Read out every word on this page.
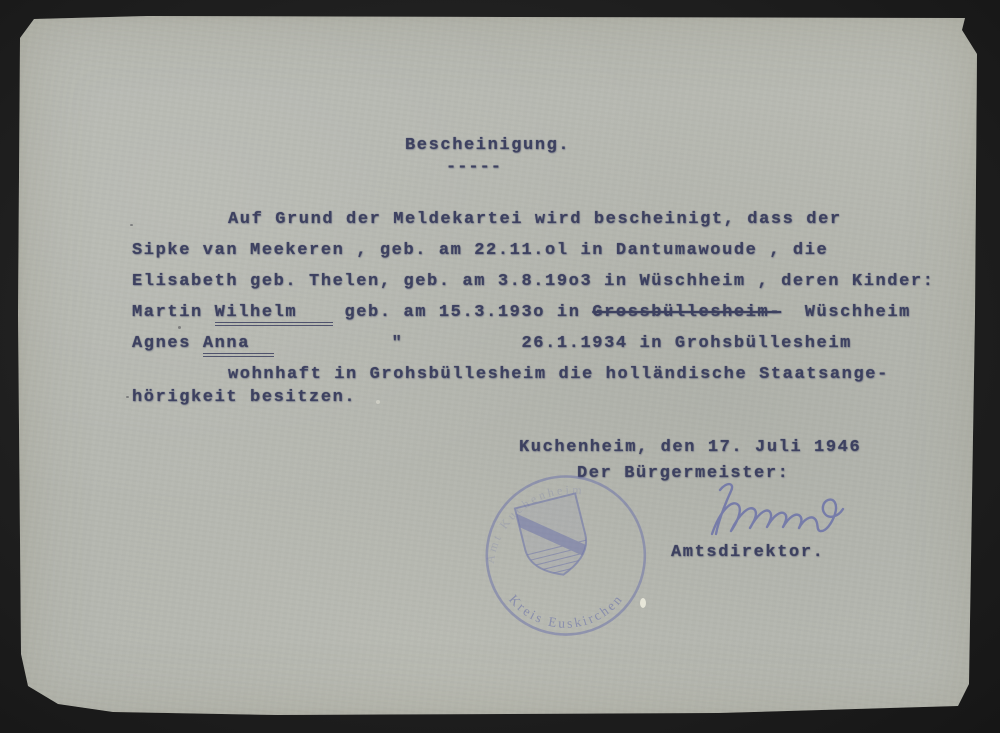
Bescheinigung.
-----
Auf Grund der Meldekartei wird bescheinigt, dass der
Sipke van Meekeren , geb. am 22.11.ol in Dantumawoude , die
Elisabeth geb. Thelen, geb. am 3.8.19o3 in Wüschheim , deren Kinder:
Martin Wilhelm    geb. am 15.3.193o in Grossbüllesheim-  Wüschheim
Agnes Anna	"          26.1.1934 in Grohsbüllesheim
wohnhaft in Grohsbüllesheim die holländische Staatsange-
hörigkeit besitzen.
Kuchenheim, den 17. Juli 1946
Der Bürgermeister:
Amtsdirektor.
Amt Kuchenheim
Kreis Euskirchen
